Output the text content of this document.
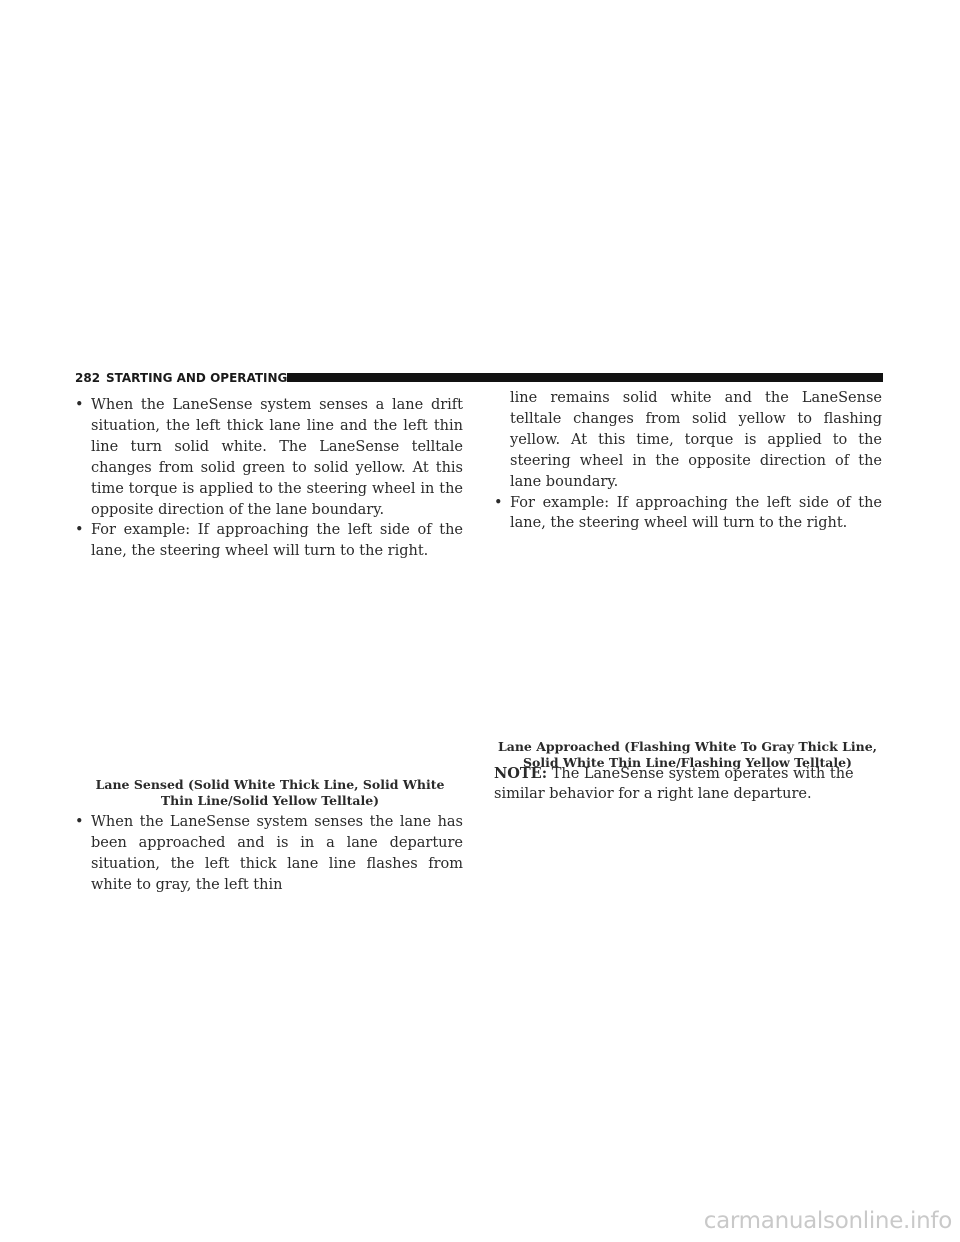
282 STARTING AND OPERATING

• When the LaneSense system senses a lane drift situation, the left thick lane line and the left thin line turn solid white. The LaneSense telltale changes from solid green to solid yellow. At this time torque is applied to the steering wheel in the opposite direction of the lane boundary.

• For example: If approaching the left side of the lane, the steering wheel will turn to the right.

Lane Sensed (Solid White Thick Line, Solid White Thin Line/Solid Yellow Telltale)

• When the LaneSense system senses the lane has been approached and is in a lane departure situation, the left thick lane line flashes from white to gray, the left thin

line remains solid white and the LaneSense telltale changes from solid yellow to flashing yellow. At this time, torque is applied to the steering wheel in the opposite direction of the lane boundary.

• For example: If approaching the left side of the lane, the steering wheel will turn to the right.

Lane Approached (Flashing White To Gray Thick Line, Solid White Thin Line/Flashing Yellow Telltale)

NOTE: The LaneSense system operates with the similar behavior for a right lane departure.

carmanualsonline.info
